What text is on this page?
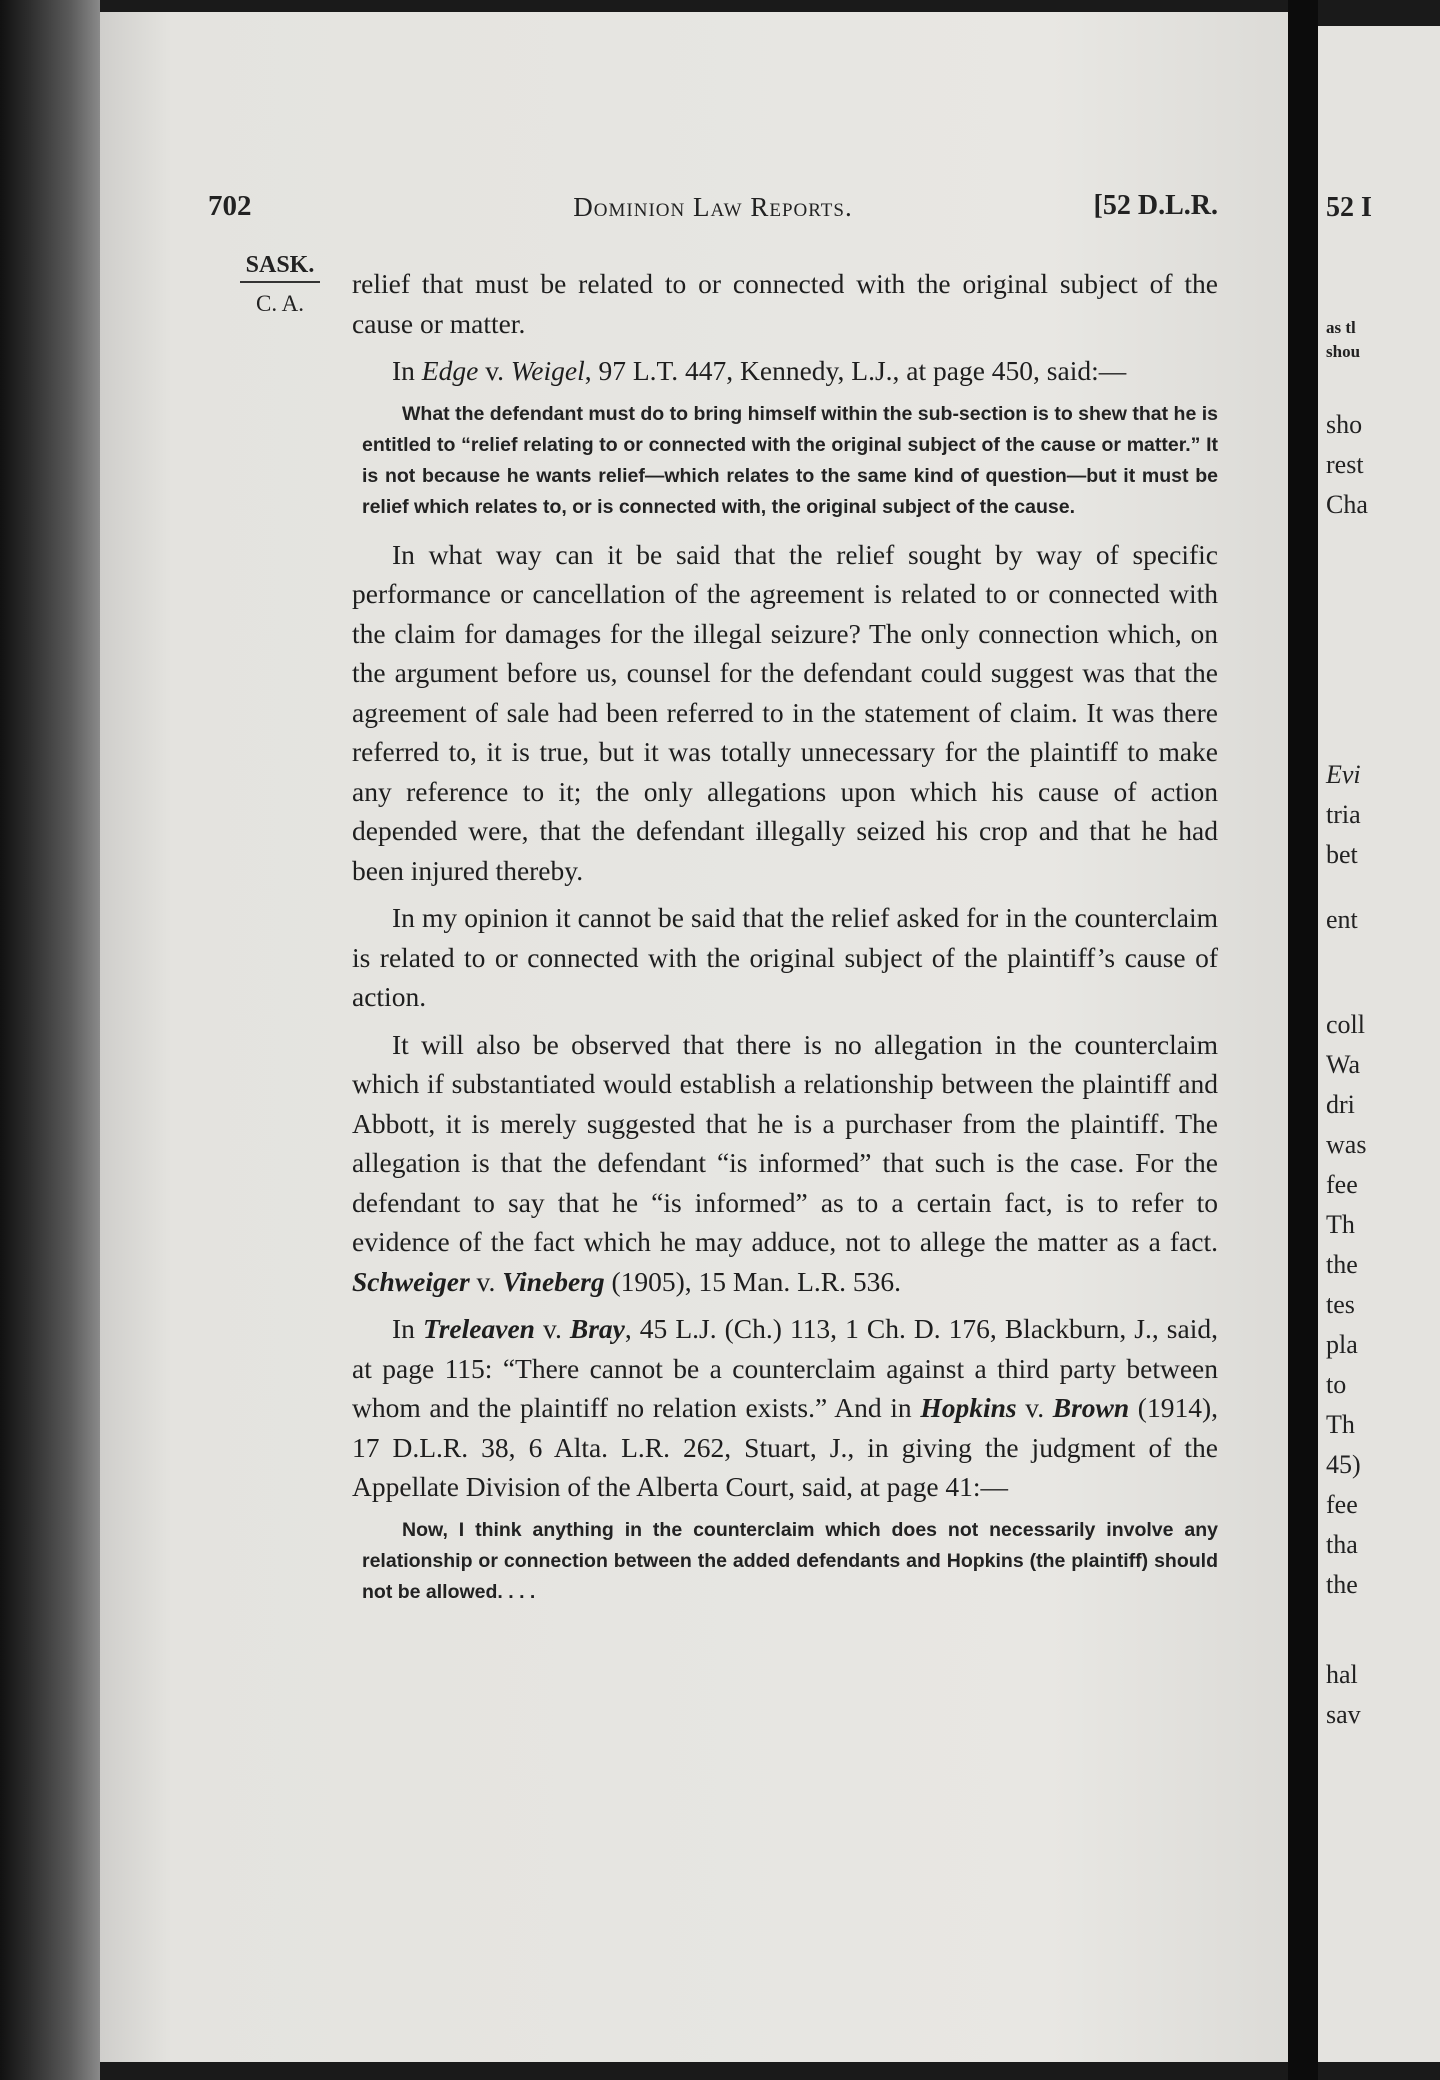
702	Dominion Law Reports.	[52 D.L.R.
SASK.
C. A.

relief that must be related to or connected with the original subject of the cause or matter.

In Edge v. Weigel, 97 L.T. 447, Kennedy, L.J., at page 450, said:—

What the defendant must do to bring himself within the sub-section is to shew that he is entitled to “relief relating to or connected with the original subject of the cause or matter.” It is not because he wants relief—which relates to the same kind of question—but it must be relief which relates to, or is connected with, the original subject of the cause.

In what way can it be said that the relief sought by way of specific performance or cancellation of the agreement is related to or connected with the claim for damages for the illegal seizure? The only connection which, on the argument before us, counsel for the defendant could suggest was that the agreement of sale had been referred to in the statement of claim. It was there referred to, it is true, but it was totally unnecessary for the plaintiff to make any reference to it; the only allegations upon which his cause of action depended were, that the defendant illegally seized his crop and that he had been injured thereby.

In my opinion it cannot be said that the relief asked for in the counterclaim is related to or connected with the original subject of the plaintiff’s cause of action.

It will also be observed that there is no allegation in the counterclaim which if substantiated would establish a relationship between the plaintiff and Abbott, it is merely suggested that he is a purchaser from the plaintiff. The allegation is that the defendant “is informed” that such is the case. For the defendant to say that he “is informed” as to a certain fact, is to refer to evidence of the fact which he may adduce, not to allege the matter as a fact. Schweiger v. Vineberg (1905), 15 Man. L.R. 536.

In Treleaven v. Bray, 45 L.J. (Ch.) 113, 1 Ch. D. 176, Blackburn, J., said, at page 115: “There cannot be a counterclaim against a third party between whom and the plaintiff no relation exists.” And in Hopkins v. Brown (1914), 17 D.L.R. 38, 6 Alta. L.R. 262, Stuart, J., in giving the judgment of the Appellate Division of the Alberta Court, said, at page 41:—

Now, I think anything in the counterclaim which does not necessarily involve any relationship or connection between the added defendants and Hopkins (the plaintiff) should not be allowed. . . .
52 I
as tl
shou
sho
rest
Cha
Evi
tria
bet
ent
coll
Wa
dri
was
fee
Th
the
tes
pla
to
Th
45)
fee
tha
the
hal
sav
